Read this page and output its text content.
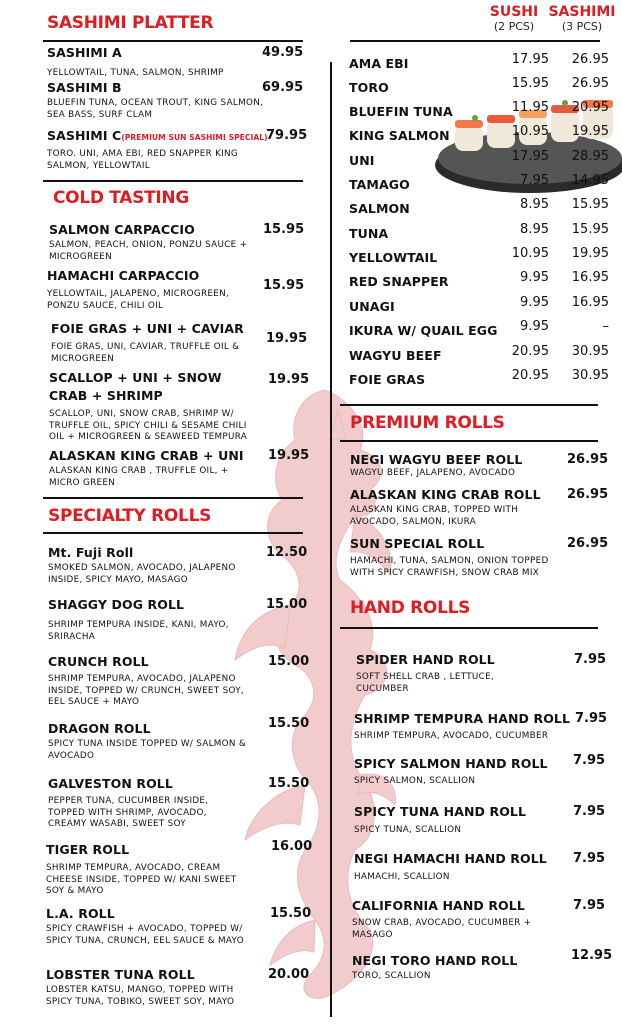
SASHIMI PLATTER
SASHIMI A	49.95
YELLOWTAIL, TUNA, SALMON, SHRIMP
SASHIMI B	69.95
BLUEFIN TUNA, OCEAN TROUT, KING SALMON, SEA BASS, SURF CLAM
SASHIMI C(PREMIUM SUN SASHIMI SPECIAL)
79.95
TORO. UNI, AMA EBI, RED SNAPPER KING SALMON, YELLOWTAIL
COLD TASTING
SALMON CARPACCIO	15.95
SALMON, PEACH, ONION, PONZU SAUCE + MICROGREEN
HAMACHI CARPACCIO
15.95
YELLOWTAIL, JALAPENO, MICROGREEN, PONZU SAUCE, CHILI OIL
FOIE GRAS + UNI + CAVIAR
19.95
FOIE GRAS, UNI, CAVIAR, TRUFFLE OIL & MICROGREEN
SCALLOP + UNI + SNOW CRAB + SHRIMP
19.95
SCALLOP, UNI, SNOW CRAB, SHRIMP W/ TRUFFLE OIL, SPICY CHILI & SESAME CHILI OIL + MICROGREEN & SEAWEED TEMPURA
ALASKAN KING CRAB + UNI	19.95
ALASKAN KING CRAB , TRUFFLE OIL, + MICRO GREEN
SPECIALTY ROLLS
Mt. Fuji Roll	12.50
SMOKED SALMON, AVOCADO, JALAPENO INSIDE, SPICY MAYO, MASAGO
SHAGGY DOG ROLL	15.00
SHRIMP TEMPURA INSIDE, KANI, MAYO, SRIRACHA
CRUNCH ROLL	15.00
SHRIMP TEMPURA, AVOCADO, JALAPENO INSIDE, TOPPED W/ CRUNCH, SWEET SOY, EEL SAUCE + MAYO
DRAGON ROLL	15.50
SPICY TUNA INSIDE TOPPED W/ SALMON & AVOCADO
GALVESTON ROLL	15.50
PEPPER TUNA, CUCUMBER INSIDE, TOPPED WITH SHRIMP, AVOCADO, CREAMY WASABI, SWEET SOY
TIGER ROLL	16.00
SHRIMP TEMPURA, AVOCADO, CREAM CHEESE INSIDE, TOPPED W/ KANI SWEET SOY & MAYO
L.A. ROLL	15.50
SPICY CRAWFISH + AVOCADO, TOPPED W/ SPICY TUNA, CRUNCH, EEL SAUCE & MAYO
LOBSTER TUNA ROLL	20.00
LOBSTER KATSU, MANGO, TOPPED WITH SPICY TUNA, TOBIKO, SWEET SOY, MAYO
SUSHI
(2 PCS)
SASHIMI
(3 PCS)
AMA EBI	17.95	26.95
TORO	15.95	26.95
BLUEFIN TUNA	11.95	20.95
KING SALMON	10.95	19.95
UNI	17.95	28.95
TAMAGO	7.95	14.95
SALMON	8.95	15.95
TUNA	8.95	15.95
YELLOWTAIL	10.95	19.95
RED SNAPPER	9.95	16.95
UNAGI	9.95	16.95
IKURA W/ QUAIL EGG	9.95	–
WAGYU BEEF	20.95	30.95
FOIE GRAS	20.95	30.95
PREMIUM ROLLS
NEGI WAGYU BEEF ROLL	26.95
WAGYU BEEF, JALAPENO, AVOCADO
ALASKAN KING CRAB ROLL	26.95
ALASKAN KING CRAB, TOPPED WITH AVOCADO, SALMON, IKURA
SUN SPECIAL ROLL	26.95
HAMACHI, TUNA, SALMON, ONION TOPPED WITH SPICY CRAWFISH, SNOW CRAB MIX
HAND ROLLS
SPIDER HAND ROLL	7.95
SOFT SHELL CRAB , LETTUCE, CUCUMBER
SHRIMP TEMPURA HAND ROLL 7.95
SHRIMP TEMPURA, AVOCADO, CUCUMBER
SPICY SALMON HAND ROLL	7.95
SPICY SALMON, SCALLION
SPICY TUNA HAND ROLL	7.95
SPICY TUNA, SCALLION
NEGI HAMACHI HAND ROLL	7.95
HAMACHI, SCALLION
CALIFORNIA HAND ROLL	7.95
SNOW CRAB, AVOCADO, CUCUMBER + MASAGO
NEGI TORO HAND ROLL	12.95
TORO, SCALLION
